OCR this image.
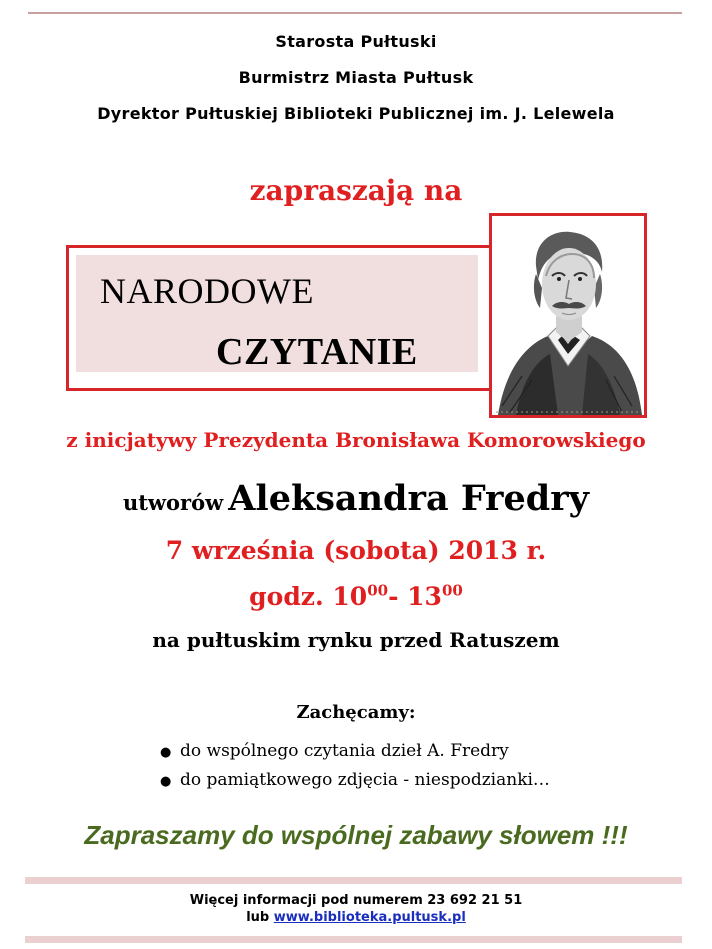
Starosta Pułtuski
Burmistrz Miasta Pułtusk
Dyrektor Pułtuskiej Biblioteki Publicznej im. J. Lelewela
zapraszają na
NARODOWE
CZYTANIE
z inicjatywy Prezydenta Bronisława Komorowskiego
utworów Aleksandra Fredry
7 września (sobota) 2013 r.
godz. $10^{00}-$ $13^{00}$
na pułtuskim rynku przed Ratuszem
Zachęcamy:
● do wspólnego czytania dzieł A. Fredry
● do pamiątkowego zdjęcia - niespodzianki…
Zapraszamy do wspólnej zabawy słowem !!!
Więcej informacji pod numerem 23 692 21 51
lub www.biblioteka.pultusk.pl
